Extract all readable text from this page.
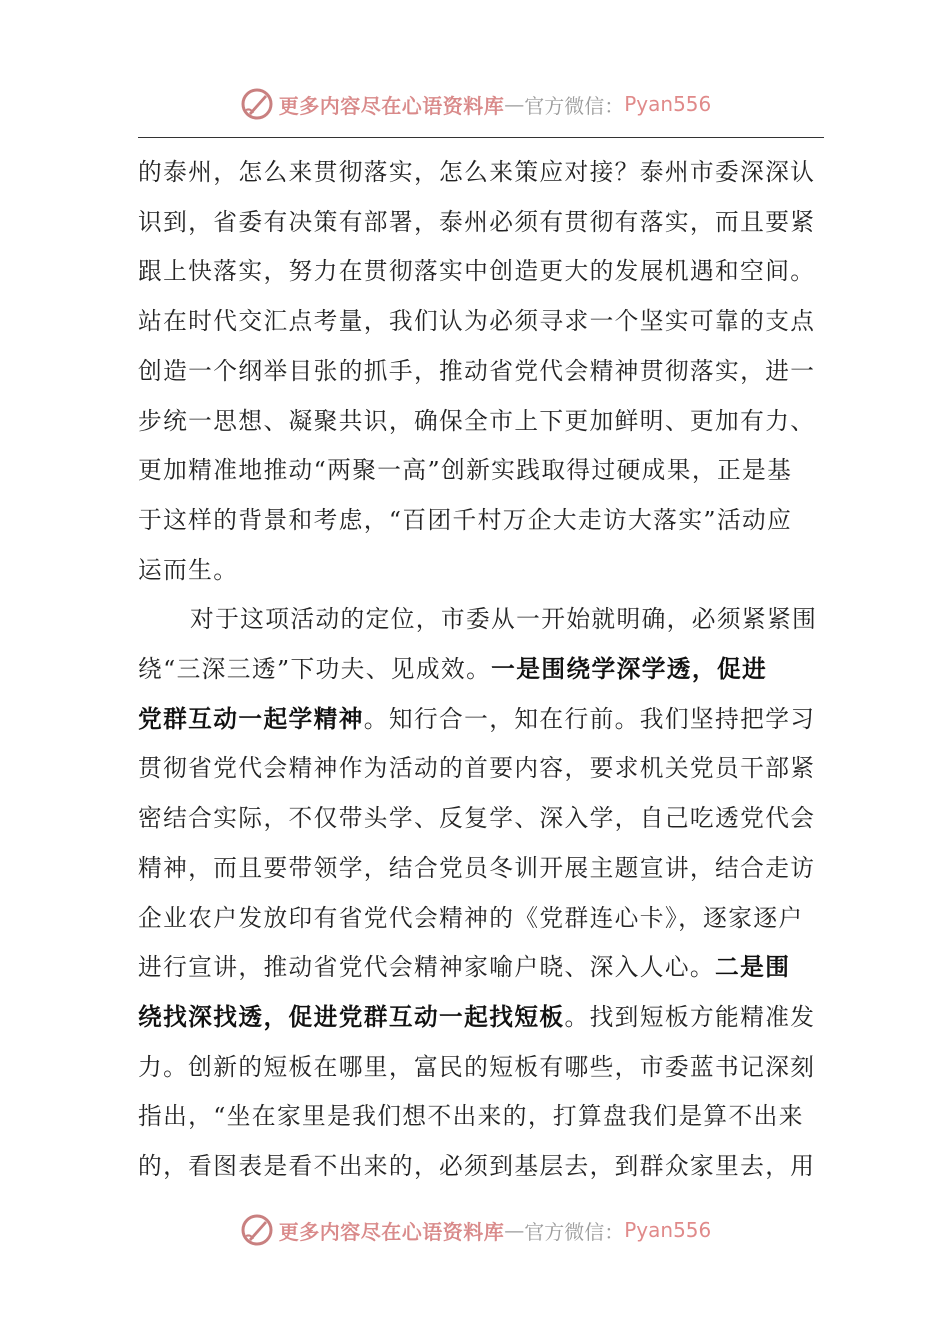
更多内容尽在心语资料库 — 官方微信： Pyan556

的泰州，怎么来贯彻落实，怎么来策应对接？泰州市委深深认
识到，省委有决策有部署，泰州必须有贯彻有落实，而且要紧
跟上快落实，努力在贯彻落实中创造更大的发展机遇和空间。
站在时代交汇点考量，我们认为必须寻求一个坚实可靠的支点
创造一个纲举目张的抓手，推动省党代会精神贯彻落实，进一
步统一思想、凝聚共识，确保全市上下更加鲜明、更加有力、
更加精准地推动“两聚一高”创新实践取得过硬成果，正是基
于这样的背景和考虑，“百团千村万企大走访大落实”活动应
运而生。

对于这项活动的定位，市委从一开始就明确，必须紧紧围
绕“三深三透”下功夫、见成效。一是围绕学深学透，促进
党群互动一起学精神。知行合一，知在行前。我们坚持把学习
贯彻省党代会精神作为活动的首要内容，要求机关党员干部紧
密结合实际，不仅带头学、反复学、深入学，自己吃透党代会
精神，而且要带领学，结合党员冬训开展主题宣讲，结合走访
企业农户发放印有省党代会精神的《党群连心卡》，逐家逐户
进行宣讲，推动省党代会精神家喻户晓、深入人心。二是围
绕找深找透，促进党群互动一起找短板。找到短板方能精准发
力。创新的短板在哪里，富民的短板有哪些，市委蓝书记深刻
指出，“坐在家里是我们想不出来的，打算盘我们是算不出来
的，看图表是看不出来的，必须到基层去，到群众家里去，用

更多内容尽在心语资料库 — 官方微信： Pyan556
